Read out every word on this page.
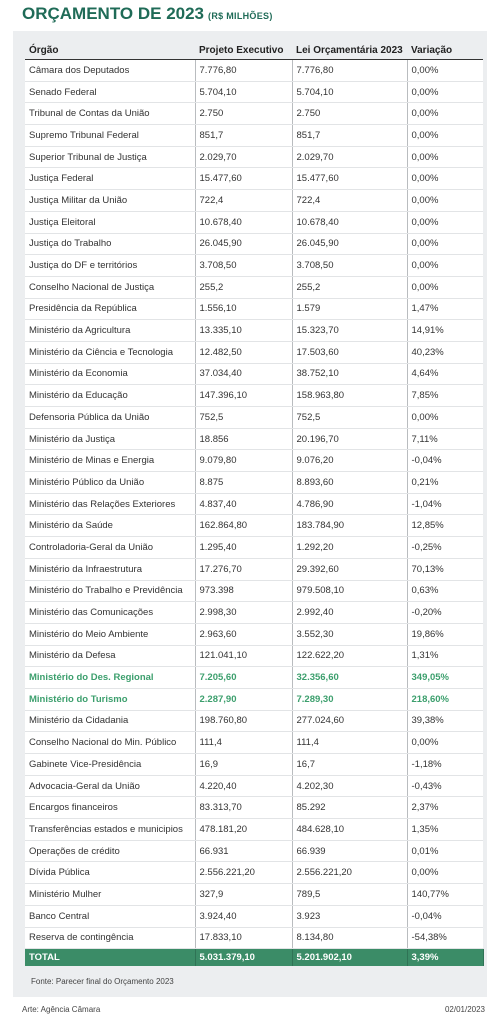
ORÇAMENTO DE 2023 (R$ MILHÕES)
Órgão	Projeto Executivo	Lei Orçamentária 2023	Variação
Câmara dos Deputados	7.776,80	7.776,80	0,00%
Senado Federal	5.704,10	5.704,10	0,00%
Tribunal de Contas da União	2.750	2.750	0,00%
Supremo Tribunal Federal	851,7	851,7	0,00%
Superior Tribunal de Justiça	2.029,70	2.029,70	0,00%
Justiça Federal	15.477,60	15.477,60	0,00%
Justiça Militar da União	722,4	722,4	0,00%
Justiça Eleitoral	10.678,40	10.678,40	0,00%
Justiça do Trabalho	26.045,90	26.045,90	0,00%
Justiça do DF e territórios	3.708,50	3.708,50	0,00%
Conselho Nacional de Justiça	255,2	255,2	0,00%
Presidência da República	1.556,10	1.579	1,47%
Ministério da Agricultura	13.335,10	15.323,70	14,91%
Ministério da Ciência e Tecnologia	12.482,50	17.503,60	40,23%
Ministério da Economia	37.034,40	38.752,10	4,64%
Ministério da Educação	147.396,10	158.963,80	7,85%
Defensoria Pública da União	752,5	752,5	0,00%
Ministério da Justiça	18.856	20.196,70	7,11%
Ministério de Minas e Energia	9.079,80	9.076,20	-0,04%
Ministério Público da União	8.875	8.893,60	0,21%
Ministério das Relações Exteriores	4.837,40	4.786,90	-1,04%
Ministério da Saúde	162.864,80	183.784,90	12,85%
Controladoria-Geral da União	1.295,40	1.292,20	-0,25%
Ministério da Infraestrutura	17.276,70	29.392,60	70,13%
Ministério do Trabalho e Previdência	973.398	979.508,10	0,63%
Ministério das Comunicações	2.998,30	2.992,40	-0,20%
Ministério do Meio Ambiente	2.963,60	3.552,30	19,86%
Ministério da Defesa	121.041,10	122.622,20	1,31%
Ministério do Des. Regional	7.205,60	32.356,60	349,05%
Ministério do Turismo	2.287,90	7.289,30	218,60%
Ministério da Cidadania	198.760,80	277.024,60	39,38%
Conselho Nacional do Min. Público	111,4	111,4	0,00%
Gabinete Vice-Presidência	16,9	16,7	-1,18%
Advocacia-Geral da União	4.220,40	4.202,30	-0,43%
Encargos financeiros	83.313,70	85.292	2,37%
Transferências estados e municipios	478.181,20	484.628,10	1,35%
Operações de crédito	66.931	66.939	0,01%
Dívida Pública	2.556.221,20	2.556.221,20	0,00%
Ministério Mulher	327,9	789,5	140,77%
Banco Central	3.924,40	3.923	-0,04%
Reserva de contingência	17.833,10	8.134,80	-54,38%
TOTAL	5.031.379,10	5.201.902,10	3,39%
Fonte: Parecer final do Orçamento 2023
Arte: Agência Câmara	02/01/2023
